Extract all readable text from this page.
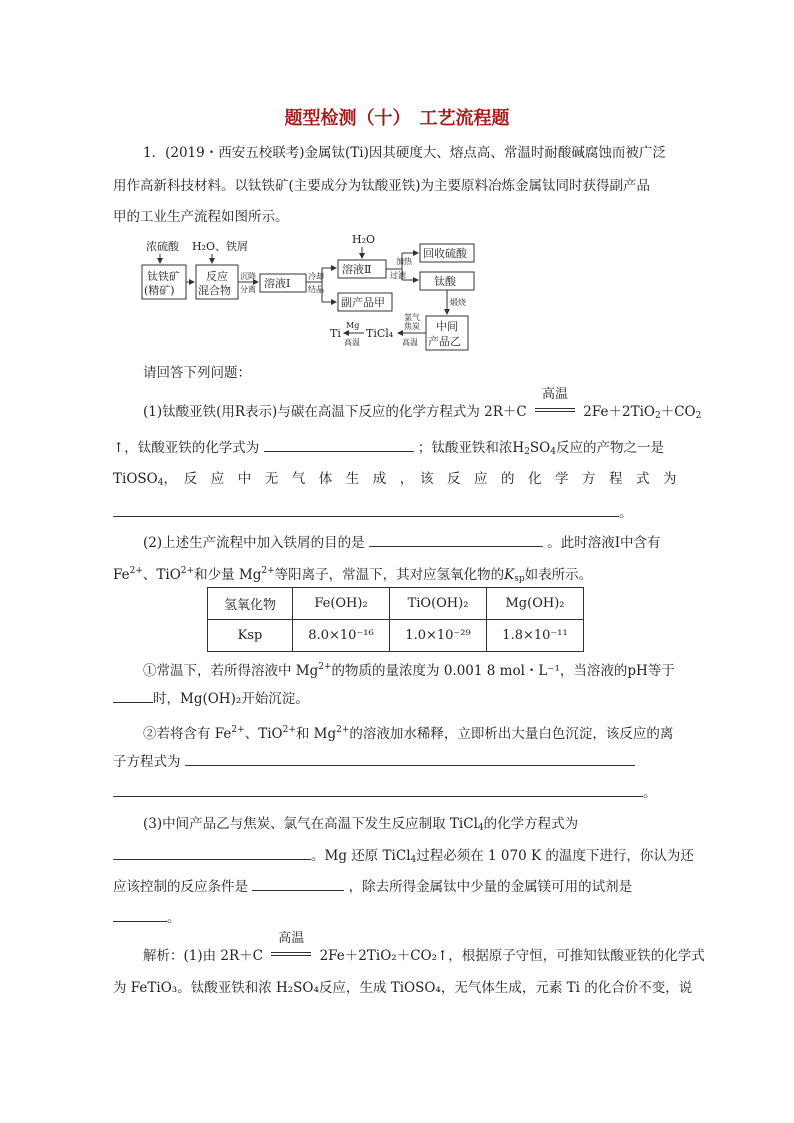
题型检测（十）　工艺流程题
1．(2019・西安五校联考)金属钛(Ti)因其硬度大、熔点高、常温时耐酸碱腐蚀而被广泛
用作高新科技材料。以钛铁矿(主要成分为钛酸亚铁)为主要原料冶炼金属钛同时获得副产品
甲的工业生产流程如图所示。
浓硫酸 H₂O、铁屑
钛铁矿
(精矿)
反应
混合物
沉降
分离 溶液Ⅰ
冷却
结晶
H₂O
溶液Ⅱ
副产品甲
加热
过滤
回收硫酸
钛酸
煅烧
中间
产品乙
氯气
焦炭
高温
TiCl₄
Mg
高温
Ti
请回答下列问题：
(1)钛酸亚铁(用R表示)与碳在高温下反应的化学方程式为 2R＋C
高温
$2Fe+2TiO_2+CO_2$
↑，钛酸亚铁的化学式为	；钛酸亚铁和浓$H_2SO_4$反应的产物之一是
TiOSO$_4$，　反　应　中　无　气　体　生　成　，　该　反　应　的　化　学　方　程　式　为
。
(2)上述生产流程中加入铁屑的目的是	。此时溶液Ⅰ中含有
$Fe^{2+}$、TiO$^{2+}$和少量 $Mg^{2+}$等阳离子，常温下，其对应氢氧化物的$K_{sp}$如表所示。
氢氧化物	Fe(OH)₂	TiO(OH)₂	Mg(OH)₂
Ksp	8.0×10⁻¹⁶	1.0×10⁻²⁹	1.8×10⁻¹¹
①常温下，若所得溶液中 $Mg^{2+}$的物质的量浓度为 0.001 8 mol・L⁻¹，当溶液的pH等于
时，Mg(OH)₂开始沉淀。
②若将含有 $Fe^{2+}$、TiO$^{2+}$和 $Mg^{2+}$的溶液加水稀释，立即析出大量白色沉淀，该反应的离
子方程式为
。
(3)中间产品乙与焦炭、氯气在高温下发生反应制取 TiCl$_4$的化学方程式为
。Mg 还原 TiCl$_4$过程必须在 1 070 K 的温度下进行，你认为还
应该控制的反应条件是	，除去所得金属钛中少量的金属镁可用的试剂是
。
解析：(1)由 2R＋C
高温
2Fe＋2TiO₂＋CO₂↑，根据原子守恒，可推知钛酸亚铁的化学式
为 FeTiO₃。钛酸亚铁和浓 H₂SO₄反应，生成 TiOSO₄，无气体生成，元素 Ti 的化合价不变，说
